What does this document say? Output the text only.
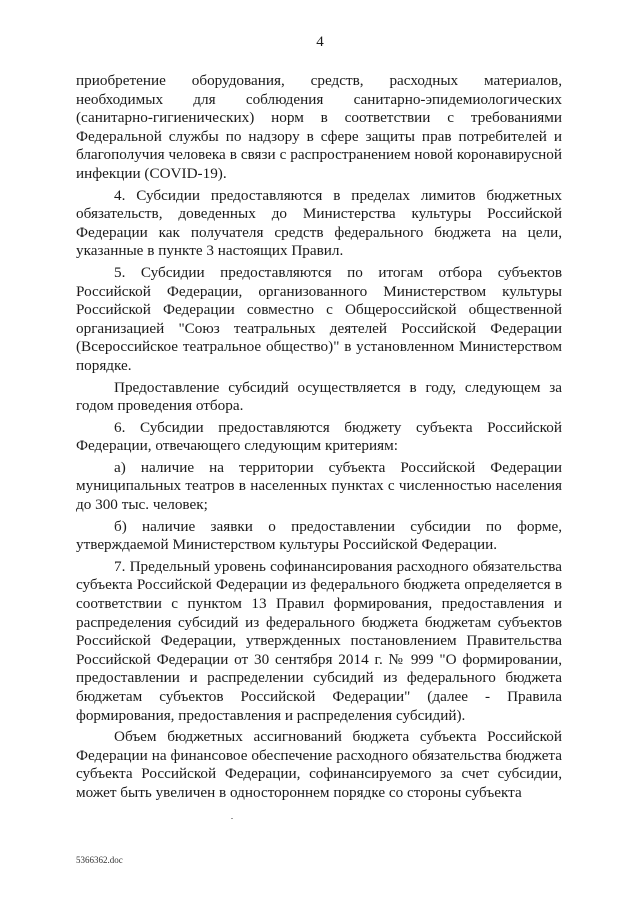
4

приобретение оборудования, средств, расходных материалов, необходимых для соблюдения санитарно-эпидемиологических (санитарно-гигиенических) норм в соответствии с требованиями Федеральной службы по надзору в сфере защиты прав потребителей и благополучия человека в связи с распространением новой коронавирусной инфекции (COVID-19).

4. Субсидии предоставляются в пределах лимитов бюджетных обязательств, доведенных до Министерства культуры Российской Федерации как получателя средств федерального бюджета на цели, указанные в пункте 3 настоящих Правил.

5. Субсидии предоставляются по итогам отбора субъектов Российской Федерации, организованного Министерством культуры Российской Федерации совместно с Общероссийской общественной организацией "Союз театральных деятелей Российской Федерации (Всероссийское театральное общество)" в установленном Министерством порядке.

Предоставление субсидий осуществляется в году, следующем за годом проведения отбора.

6. Субсидии предоставляются бюджету субъекта Российской Федерации, отвечающего следующим критериям:

а) наличие на территории субъекта Российской Федерации муниципальных театров в населенных пунктах с численностью населения до 300 тыс. человек;

б) наличие заявки о предоставлении субсидии по форме, утверждаемой Министерством культуры Российской Федерации.

7. Предельный уровень софинансирования расходного обязательства субъекта Российской Федерации из федерального бюджета определяется в соответствии с пунктом 13 Правил формирования, предоставления и распределения субсидий из федерального бюджета бюджетам субъектов Российской Федерации, утвержденных постановлением Правительства Российской Федерации от 30 сентября 2014 г. № 999 "О формировании, предоставлении и распределении субсидий из федерального бюджета бюджетам субъектов Российской Федерации" (далее - Правила формирования, предоставления и распределения субсидий).

Объем бюджетных ассигнований бюджета субъекта Российской Федерации на финансовое обеспечение расходного обязательства бюджета субъекта Российской Федерации, софинансируемого за счет субсидии, может быть увеличен в одностороннем порядке со стороны субъекта

5366362.doc
